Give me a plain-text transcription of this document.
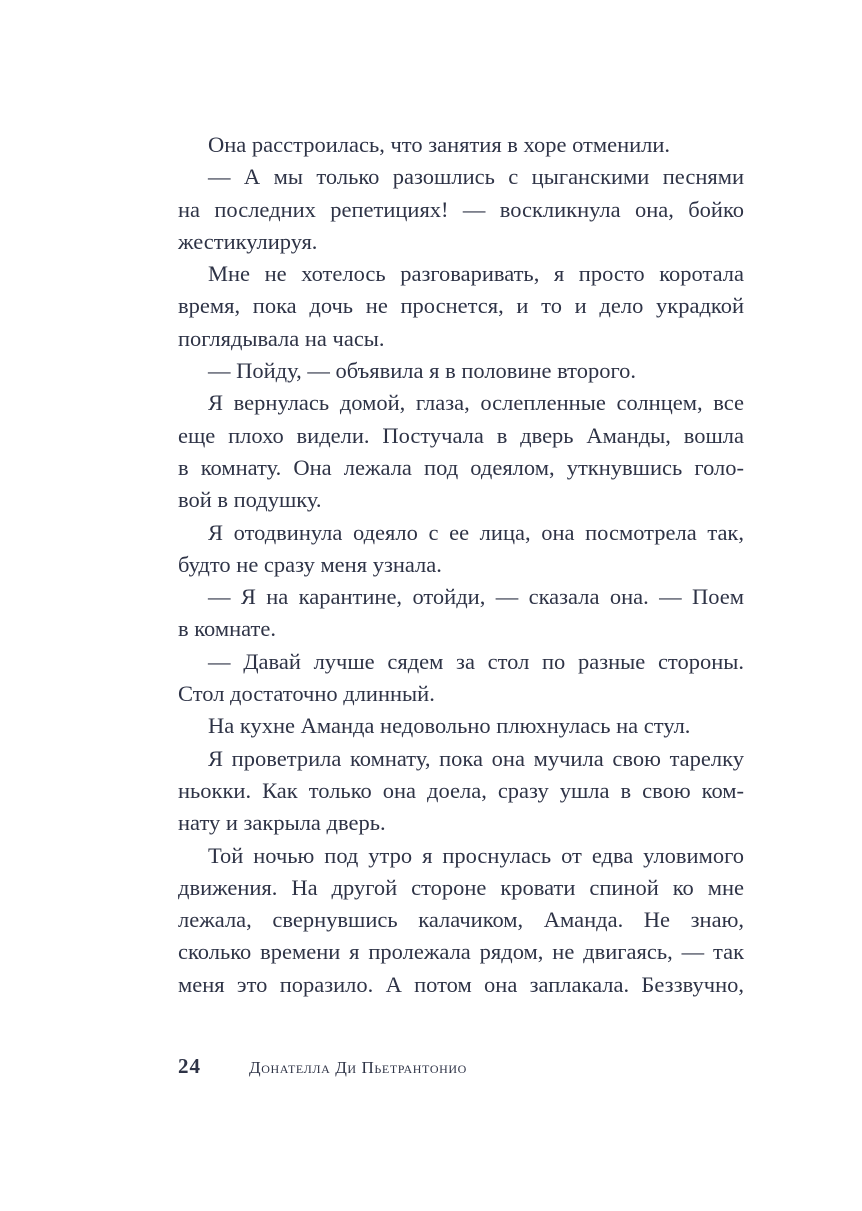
Она расстроилась, что занятия в хоре отменили.
— А мы только разошлись с цыганскими песнями
на последних репетициях! — воскликнула она, бойко
жестикулируя.
Мне не хотелось разговаривать, я просто коротала
время, пока дочь не проснется, и то и дело украдкой
поглядывала на часы.
— Пойду, — объявила я в половине второго.
Я вернулась домой, глаза, ослепленные солнцем, все
еще плохо видели. Постучала в дверь Аманды, вошла
в комнату. Она лежала под одеялом, уткнувшись голо-
вой в подушку.
Я отодвинула одеяло с ее лица, она посмотрела так,
будто не сразу меня узнала.
— Я на карантине, отойди, — сказала она. — Поем
в комнате.
— Давай лучше сядем за стол по разные стороны.
Стол достаточно длинный.
На кухне Аманда недовольно плюхнулась на стул.
Я проветрила комнату, пока она мучила свою тарелку
ньокки. Как только она доела, сразу ушла в свою ком-
нату и закрыла дверь.
Той ночью под утро я проснулась от едва уловимого
движения. На другой стороне кровати спиной ко мне
лежала, свернувшись калачиком, Аманда. Не знаю,
сколько времени я пролежала рядом, не двигаясь, — так
меня это поразило. А потом она заплакала. Беззвучно,
24	Донателла Ди Пьетрантонио
